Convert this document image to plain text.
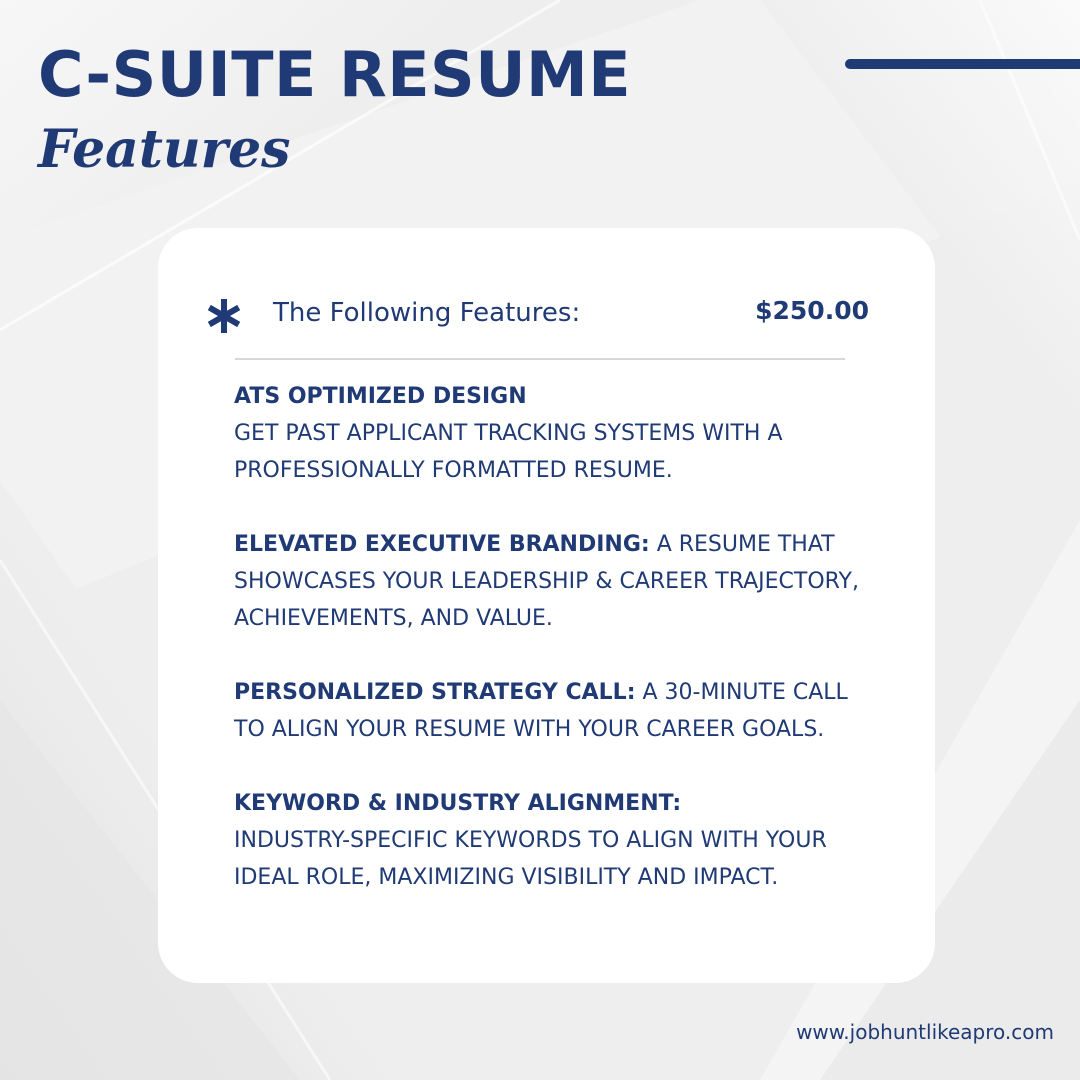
C-SUITE RESUME
Features
The Following Features:	$250.00

ATS OPTIMIZED DESIGN
GET PAST APPLICANT TRACKING SYSTEMS WITH A PROFESSIONALLY FORMATTED RESUME.

ELEVATED EXECUTIVE BRANDING: A RESUME THAT SHOWCASES YOUR LEADERSHIP & CAREER TRAJECTORY, ACHIEVEMENTS, AND VALUE.

PERSONALIZED STRATEGY CALL: A 30-MINUTE CALL TO ALIGN YOUR RESUME WITH YOUR CAREER GOALS.

KEYWORD & INDUSTRY ALIGNMENT:
INDUSTRY-SPECIFIC KEYWORDS TO ALIGN WITH YOUR IDEAL ROLE, MAXIMIZING VISIBILITY AND IMPACT.

www.jobhuntlikeapro.com
